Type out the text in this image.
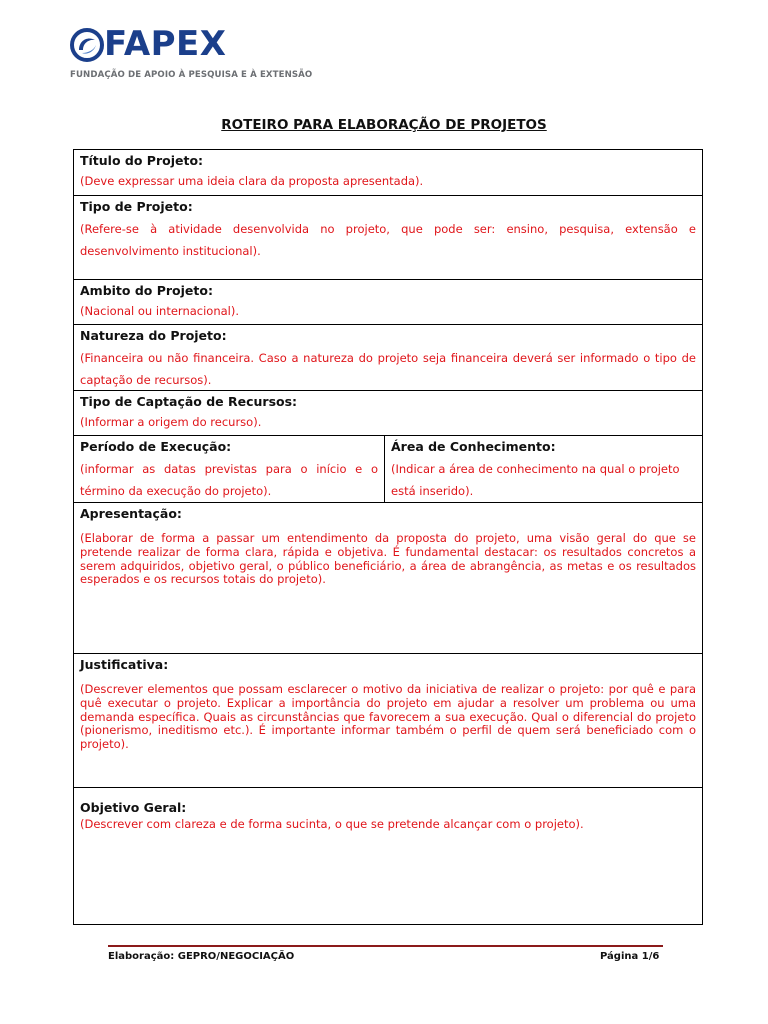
FAPEX
FUNDAÇÃO DE APOIO À PESQUISA E À EXTENSÃO
ROTEIRO PARA ELABORAÇÃO DE PROJETOS
Título do Projeto:
(Deve expressar uma ideia clara da proposta apresentada).
Tipo de Projeto:
(Refere-se à atividade desenvolvida no projeto, que pode ser: ensino, pesquisa, extensão e desenvolvimento institucional).
Ambito do Projeto:
(Nacional ou internacional).
Natureza do Projeto:
(Financeira ou não financeira. Caso a natureza do projeto seja financeira deverá ser informado o tipo de captação de recursos).
Tipo de Captação de Recursos:
(Informar a origem do recurso).
Período de Execução:
(informar as datas previstas para o início e o término da execução do projeto).
Área de Conhecimento:
(Indicar a área de conhecimento na qual o projeto está inserido).
Apresentação:
(Elaborar de forma a passar um entendimento da proposta do projeto, uma visão geral do que se pretende realizar de forma clara, rápida e objetiva. É fundamental destacar: os resultados concretos a serem adquiridos, objetivo geral, o público beneficiário, a área de abrangência, as metas e os resultados esperados e os recursos totais do projeto).
Justificativa:
(Descrever elementos que possam esclarecer o motivo da iniciativa de realizar o projeto: por quê e para quê executar o projeto. Explicar a importância do projeto em ajudar a resolver um problema ou uma demanda específica. Quais as circunstâncias que favorecem a sua execução. Qual o diferencial do projeto (pionerismo, ineditismo etc.). É importante informar também o perfil de quem será beneficiado com o projeto).
Objetivo Geral:
(Descrever com clareza e de forma sucinta, o que se pretende alcançar com o projeto).
Elaboração: GEPRO/NEGOCIAÇÃO	Página 1/6
